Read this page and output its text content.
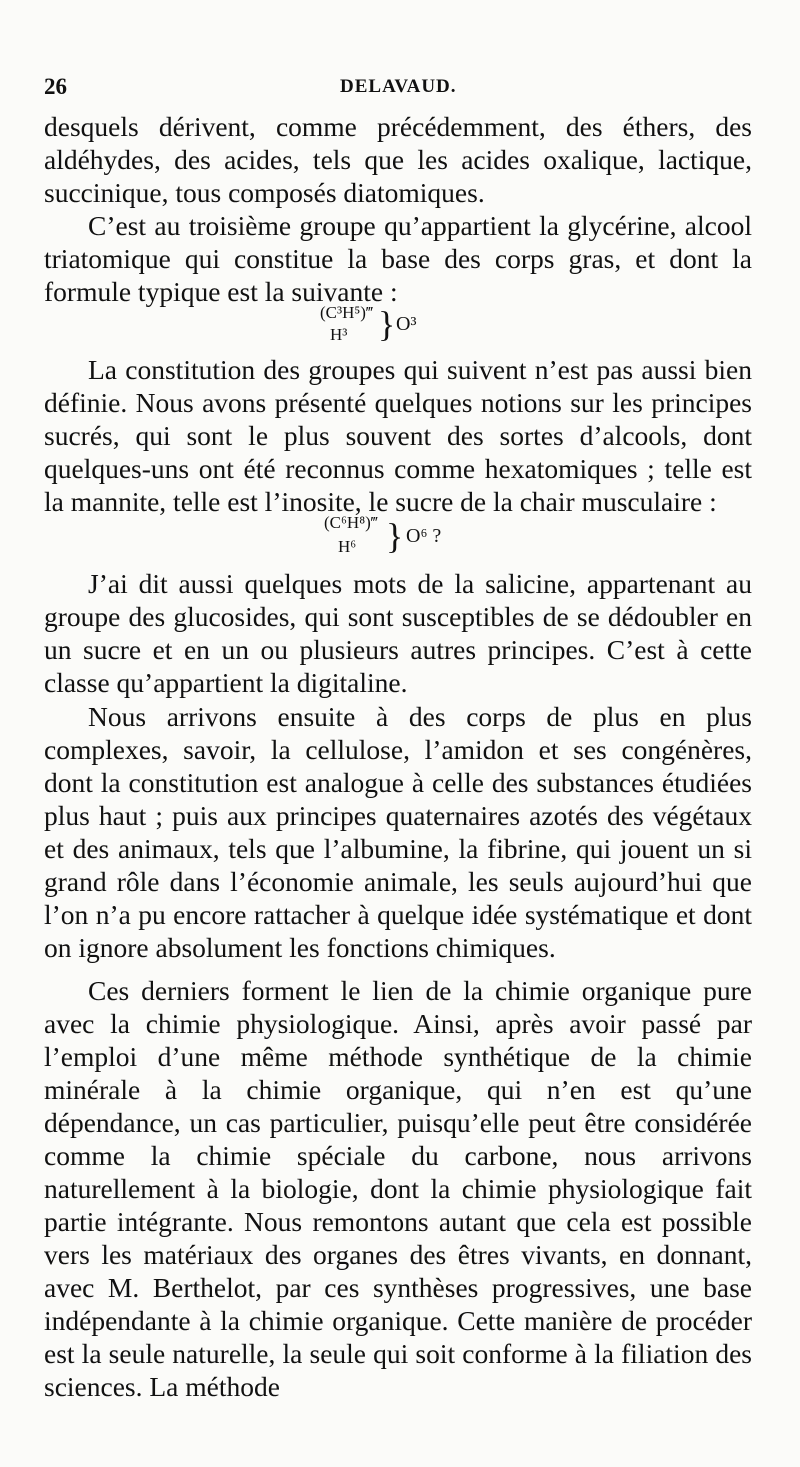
26	DELAVAUD.

desquels dérivent, comme précédemment, des éthers, des aldéhydes, des acides, tels que les acides oxalique, lactique, succinique, tous composés diatomiques.

C’est au troisième groupe qu’appartient la glycérine, alcool triatomique qui constitue la base des corps gras, et dont la formule typique est la suivante :

(C³H⁵)‴
H³ } O³

La constitution des groupes qui suivent n’est pas aussi bien définie. Nous avons présenté quelques notions sur les principes sucrés, qui sont le plus souvent des sortes d’alcools, dont quelques-uns ont été reconnus comme hexatomiques ; telle est la mannite, telle est l’inosite, le sucre de la chair musculaire :

(C⁶H⁸)‴
H⁶ } O⁶ ?

J’ai dit aussi quelques mots de la salicine, appartenant au groupe des glucosides, qui sont susceptibles de se dédoubler en un sucre et en un ou plusieurs autres principes. C’est à cette classe qu’appartient la digitaline.

Nous arrivons ensuite à des corps de plus en plus complexes, savoir, la cellulose, l’amidon et ses congénères, dont la constitution est analogue à celle des substances étudiées plus haut ; puis aux principes quaternaires azotés des végétaux et des animaux, tels que l’albumine, la fibrine, qui jouent un si grand rôle dans l’économie animale, les seuls aujourd’hui que l’on n’a pu encore rattacher à quelque idée systématique et dont on ignore absolument les fonctions chimiques.

Ces derniers forment le lien de la chimie organique pure avec la chimie physiologique. Ainsi, après avoir passé par l’emploi d’une même méthode synthétique de la chimie minérale à la chimie organique, qui n’en est qu’une dépendance, un cas particulier, puisqu’elle peut être considérée comme la chimie spéciale du carbone, nous arrivons naturellement à la biologie, dont la chimie physiologique fait partie intégrante. Nous remontons autant que cela est possible vers les matériaux des organes des êtres vivants, en donnant, avec M. Berthelot, par ces synthèses progressives, une base indépendante à la chimie organique. Cette manière de procéder est la seule naturelle, la seule qui soit conforme à la filiation des sciences. La méthode
